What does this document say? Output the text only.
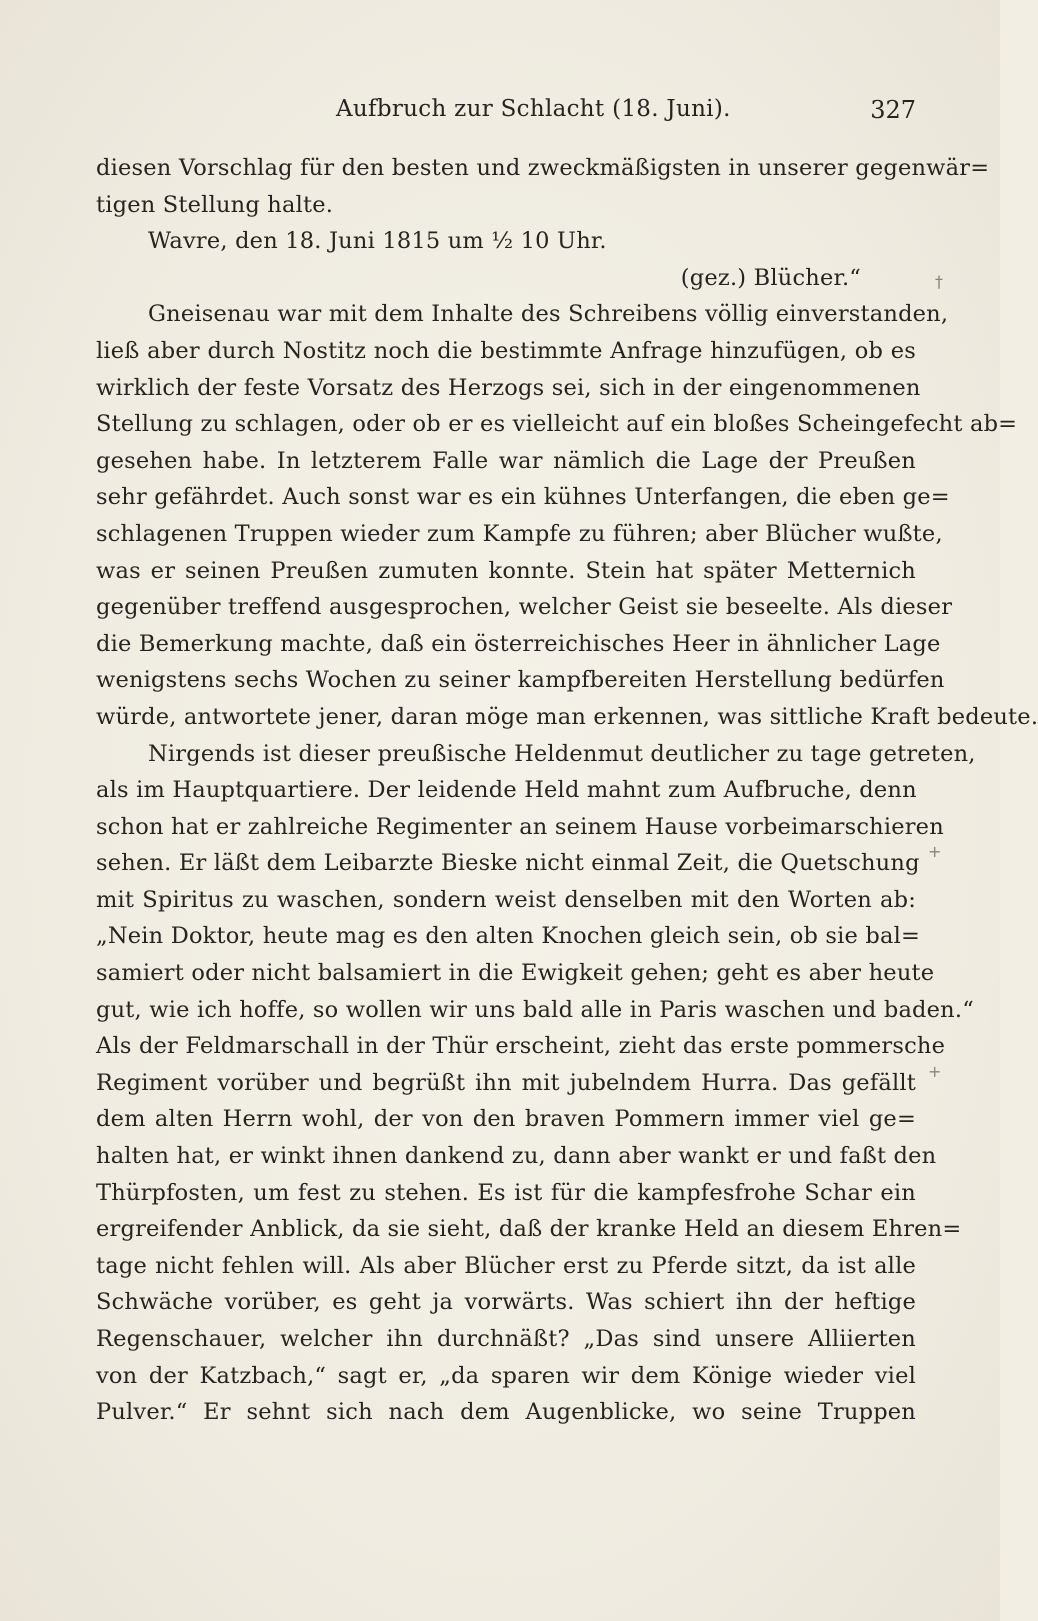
Aufbruch zur Schlacht (18. Juni).	327
diesen Vorschlag für den besten und zweckmäßigsten in unserer gegenwär=
tigen Stellung halte.
Wavre, den 18. Juni 1815 um ½ 10 Uhr.
(gez.) Blücher.“
Gneisenau war mit dem Inhalte des Schreibens völlig einverstanden,
ließ aber durch Nostitz noch die bestimmte Anfrage hinzufügen, ob es
wirklich der feste Vorsatz des Herzogs sei, sich in der eingenommenen
Stellung zu schlagen, oder ob er es vielleicht auf ein bloßes Scheingefecht ab=
gesehen habe. In letzterem Falle war nämlich die Lage der Preußen
sehr gefährdet. Auch sonst war es ein kühnes Unterfangen, die eben ge=
schlagenen Truppen wieder zum Kampfe zu führen; aber Blücher wußte,
was er seinen Preußen zumuten konnte. Stein hat später Metternich
gegenüber treffend ausgesprochen, welcher Geist sie beseelte. Als dieser
die Bemerkung machte, daß ein österreichisches Heer in ähnlicher Lage
wenigstens sechs Wochen zu seiner kampfbereiten Herstellung bedürfen
würde, antwortete jener, daran möge man erkennen, was sittliche Kraft bedeute.
Nirgends ist dieser preußische Heldenmut deutlicher zu tage getreten,
als im Hauptquartiere. Der leidende Held mahnt zum Aufbruche, denn
schon hat er zahlreiche Regimenter an seinem Hause vorbeimarschieren
sehen. Er läßt dem Leibarzte Bieske nicht einmal Zeit, die Quetschung
mit Spiritus zu waschen, sondern weist denselben mit den Worten ab:
„Nein Doktor, heute mag es den alten Knochen gleich sein, ob sie bal=
samiert oder nicht balsamiert in die Ewigkeit gehen; geht es aber heute
gut, wie ich hoffe, so wollen wir uns bald alle in Paris waschen und baden.“
Als der Feldmarschall in der Thür erscheint, zieht das erste pommersche
Regiment vorüber und begrüßt ihn mit jubelndem Hurra. Das gefällt
dem alten Herrn wohl, der von den braven Pommern immer viel ge=
halten hat, er winkt ihnen dankend zu, dann aber wankt er und faßt den
Thürpfosten, um fest zu stehen. Es ist für die kampfesfrohe Schar ein
ergreifender Anblick, da sie sieht, daß der kranke Held an diesem Ehren=
tage nicht fehlen will. Als aber Blücher erst zu Pferde sitzt, da ist alle
Schwäche vorüber, es geht ja vorwärts. Was schiert ihn der heftige
Regenschauer, welcher ihn durchnäßt? „Das sind unsere Alliierten
von der Katzbach,“ sagt er, „da sparen wir dem Könige wieder viel
Pulver.“ Er sehnt sich nach dem Augenblicke, wo seine Truppen
†
+
+
